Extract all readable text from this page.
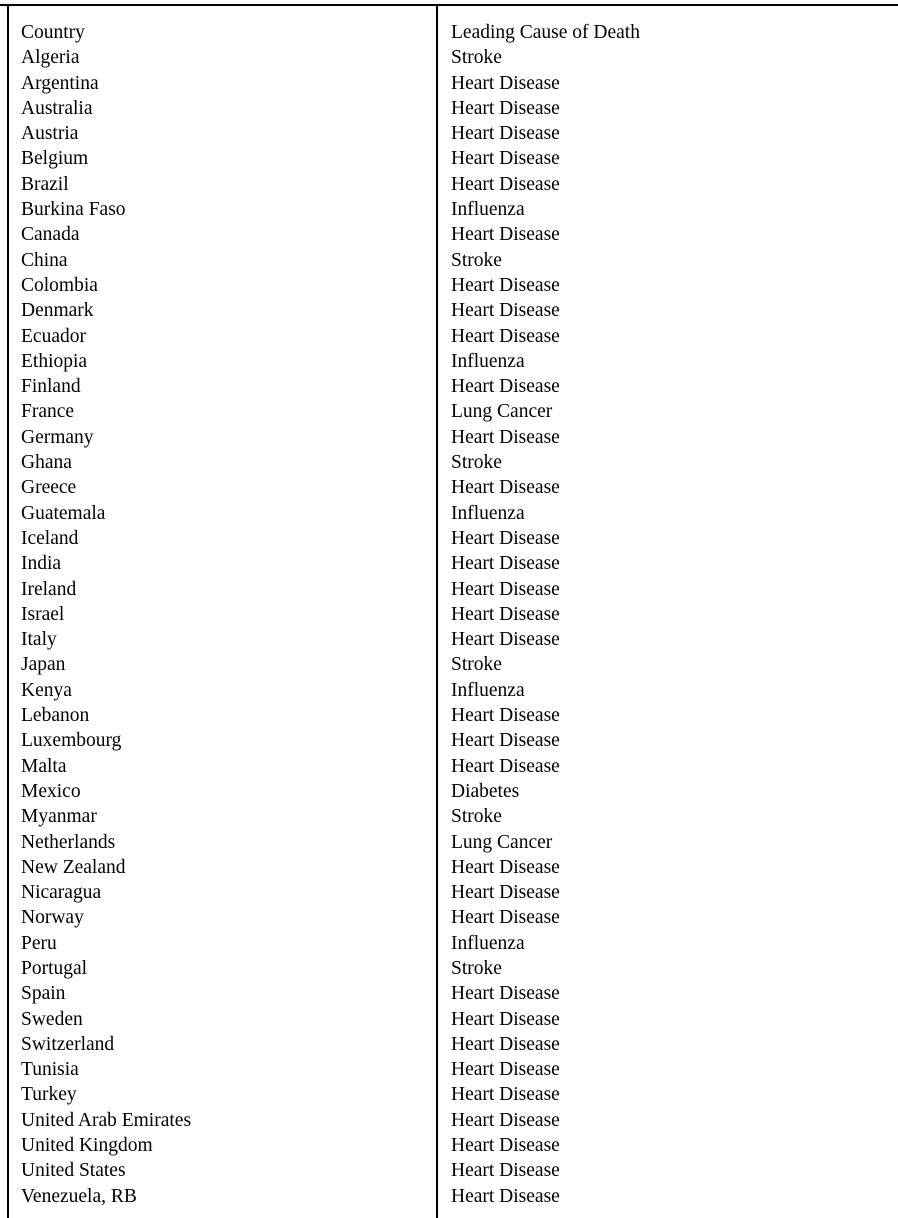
Country
Algeria
Argentina
Australia
Austria
Belgium
Brazil
Burkina Faso
Canada
China
Colombia
Denmark
Ecuador
Ethiopia
Finland
France
Germany
Ghana
Greece
Guatemala
Iceland
India
Ireland
Israel
Italy
Japan
Kenya
Lebanon
Luxembourg
Malta
Mexico
Myanmar
Netherlands
New Zealand
Nicaragua
Norway
Peru
Portugal
Spain
Sweden
Switzerland
Tunisia
Turkey
United Arab Emirates
United Kingdom
United States
Venezuela, RB
Leading Cause of Death
Stroke
Heart Disease
Heart Disease
Heart Disease
Heart Disease
Heart Disease
Influenza
Heart Disease
Stroke
Heart Disease
Heart Disease
Heart Disease
Influenza
Heart Disease
Lung Cancer
Heart Disease
Stroke
Heart Disease
Influenza
Heart Disease
Heart Disease
Heart Disease
Heart Disease
Heart Disease
Stroke
Influenza
Heart Disease
Heart Disease
Heart Disease
Diabetes
Stroke
Lung Cancer
Heart Disease
Heart Disease
Heart Disease
Influenza
Stroke
Heart Disease
Heart Disease
Heart Disease
Heart Disease
Heart Disease
Heart Disease
Heart Disease
Heart Disease
Heart Disease
